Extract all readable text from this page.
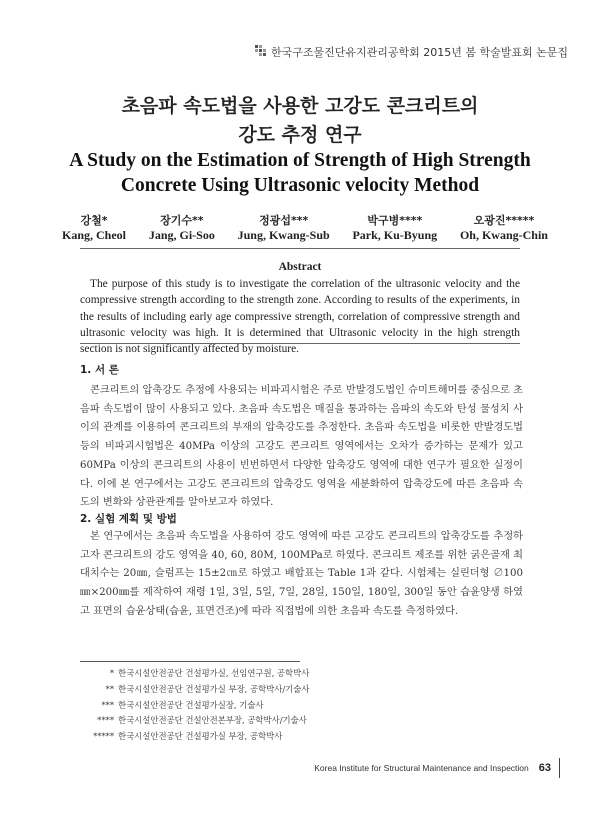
한국구조물진단유지관리공학회 2015년 봄 학술발표회 논문집
초음파 속도법을 사용한 고강도 콘크리트의
강도 추정 연구
A Study on the Estimation of Strength of High Strength
Concrete Using Ultrasonic velocity Method
강철*
Kang, Cheol
장기수**
Jang, Gi-Soo
정광섭***
Jung, Kwang-Sub
박구병****
Park, Ku-Byung
오광진*****
Oh, Kwang-Chin
Abstract
The purpose of this study is to investigate the correlation of the ultrasonic velocity and the compressive strength according to the strength zone. According to results of the experiments, in the results of including early age compressive strength, correlation of compressive strength and ultrasonic velocity was high. It is determined that Ultrasonic velocity in the high strength section is not significantly affected by moisture.
1. 서 론
콘크리트의 압축강도 추정에 사용되는 비파괴시험은 주로 반발경도법인 슈미트해머를 중심으로 초음파 속도법이 많이 사용되고 있다. 초음파 속도법은 매질을 통과하는 음파의 속도와 탄성 물성치 사이의 관계를 이용하여 콘크리트의 부재의 압축강도를 추정한다. 초음파 속도법을 비롯한 반발경도법 등의 비파괴시험법은 40MPa 이상의 고강도 콘크리트 영역에서는 오차가 증가하는 문제가 있고 60MPa 이상의 콘크리트의 사용이 빈번하면서 다양한 압축강도 영역에 대한 연구가 필요한 실정이다. 이에 본 연구에서는 고강도 콘크리트의 압축강도 영역을 세분화하여 압축강도에 따른 초음파 속도의 변화와 상관관계를 알아보고자 하였다.
2. 실험 계획 및 방법
본 연구에서는 초음파 속도법을 사용하여 강도 영역에 따른 고강도 콘크리트의 압축강도를 추정하고자 콘크리트의 강도 영역을 40, 60, 80M, 100MPa로 하였다. 콘크리트 제조를 위한 굵은골재 최대치수는 20㎜, 슬럼프는 15±2㎝로 하였고 배합표는 Table 1과 같다. 시험체는 실린더형 ∅100㎜×200㎜를 제작하여 재령 1일, 3일, 5일, 7일, 28일, 150일, 180일, 300일 동안 습윤양생 하였고 표면의 습윤상태(습윤, 표면건조)에 따라 직접법에 의한 초음파 속도를 측정하였다.
* 한국시설안전공단 건설평가실, 선임연구원, 공학박사
** 한국시설안전공단 건설평가실 부장, 공학박사/기술사
*** 한국시설안전공단 건설평가실장, 기술사
**** 한국시설안전공단 건설안전본부장, 공학박사/기술사
***** 한국시설안전공단 건설평가실 부장, 공학박사
Korea Institute for Structural Maintenance and Inspection 63
